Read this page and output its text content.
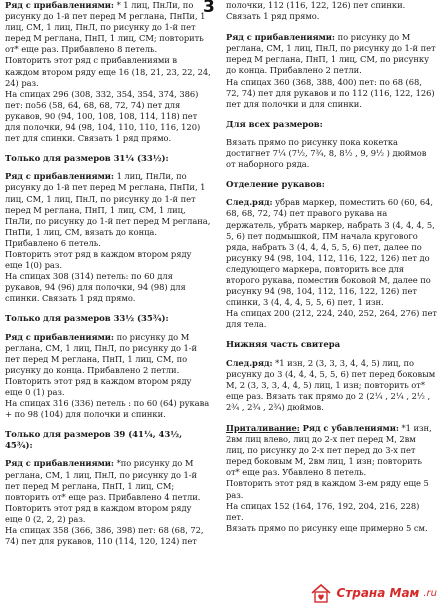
3

Ряд с прибавлениями: * 1 лиц, ПнЛи, по рисунку до 1-й пет перед М реглана, ПнПи, 1 лиц, СМ, 1 лиц, ПнЛ, по рисунку до 1-й пет перед М реглана, ПнП, 1 лиц, СМ; повторить от* еще раз. Прибавлено 8 петель.

Повторить этот ряд с прибавлениями в каждом втором ряду еще 16 (18, 21, 23, 22, 24, 24) раз.

На спицах 296 (308, 332, 354, 354, 374, 386) пет: по56 (58, 64, 68, 68, 72, 74) пет для рукавов, 90 (94, 100, 108, 108, 114, 118) пет для полочки, 94 (98, 104, 110, 110, 116, 120) пет для спинки. Связать 1 ряд прямо.

Только для размеров 31¼ (33½):

Ряд с прибавлениями: 1 лиц, ПнЛи, по рисунку до 1-й пет перед М реглана, ПнПи, 1 лиц, СМ, 1 лиц, ПнЛ, по рисунку до 1-й пет перед М реглана, ПнП, 1 лиц, СМ, 1 лиц, ПнЛи, по рисунку до 1-й пет перед М реглана, ПнПи, 1 лиц, СМ, вязать до конца. Прибавлено 6 петель.

Повторить этот ряд в каждом втором ряду еще 1(0) раз.

На спицах 308 (314) петель: по 60 для рукавов, 94 (96) для полочки, 94 (98) для спинки. Связать 1 ряд прямо.

Только для размеров 33½ (35¾):

Ряд с прибавлениями: по рисунку до М реглана, СМ, 1 лиц, ПнЛ, по рисунку до 1-й пет перед М реглана, ПнП, 1 лиц, СМ, по рисунку до конца. Прибавлено 2 петли.

Повторить этот ряд в каждом втором ряду еще 0 (1) раз.

На спицах 316 (336) петель : по 60 (64) рукава + по 98 (104) для полочки и спинки.

Только для размеров 39 (41¼, 43½, 45¾):

Ряд с прибавлениями: *по рисунку до М реглана, СМ, 1 лиц, ПнЛ, по рисунку до 1-й пет перед М реглана, ПнП, 1 лиц, СМ; повторить от* еще раз. Прибавлено 4 петли.

Повторить этот ряд в каждом втором ряду еще 0 (2, 2, 2) раз.

На спицах 358 (366, 386, 398) пет: 68 (68, 72, 74) пет для рукавов, 110 (114, 120, 124) пет

полочки, 112 (116, 122, 126) пет спинки. Связать 1 ряд прямо.

Ряд с прибавлениями: по рисунку до М реглана, СМ, 1 лиц, ПнЛ, по рисунку до 1-й пет перед М реглана, ПнП, 1 лиц, СМ, по рисунку до конца. Прибавлено 2 петли.

На спицах 360 (368, 388, 400) пет: по 68 (68, 72, 74) пет для рукавов и по 112 (116, 122, 126) пет для полочки и для спинки.

Для всех размеров:

Вязать прямо по рисунку пока кокетка достигнет 7¼ (7½, 7¾, 8, 8½ , 9, 9½ ) дюймов от наборного ряда.

Отделение рукавов:

След.ряд: убрав маркер, поместить 60 (60, 64, 68, 68, 72, 74) пет правого рукава на держатель, убрать маркер, набрать 3 (4, 4, 4, 5, 5, 6) пет подмышкой, ПМ начала кругового ряда, набрать 3 (4, 4, 4, 5, 5, 6) пет, далее по рисунку 94 (98, 104, 112, 116, 122, 126) пет до следующего маркера, повторить все для второго рукава, поместив боковой М, далее по рисунку 94 (98, 104, 112, 116, 122, 126) пет спинки, 3 (4, 4, 4, 5, 5, 6) пет, 1 изн.

На спицах 200 (212, 224, 240, 252, 264, 276) пет для тела.

Нижняя часть свитера

След.ряд: *1 изн, 2 (3, 3, 3, 4, 4, 5) лиц, по рисунку до 3 (4, 4, 4, 5, 5, 6) пет перед боковым М, 2 (3, 3, 3, 4, 4, 5) лиц, 1 изн; повторить от* еще раз. Вязать так прямо до 2 (2¼ , 2¼ , 2½ , 2¾ , 2¾ , 2¾) дюймов.

Приталивание: Ряд с убавлениями: *1 изн, 2вм лиц влево, лиц до 2-х пет перед М, 2вм лиц, по рисунку до 2-х пет перед до 3-х пет перед боковым М, 2вм лиц, 1 изн; повторить от* еще раз. Убавлено 8 петель.

Повторить этот ряд в каждом 3-ем ряду еще 5 раз.

На спицах 152 (164, 176, 192, 204, 216, 228) пет.

Вязать прямо по рисунку еще примерно 5 см.

Страна Мам .ru
